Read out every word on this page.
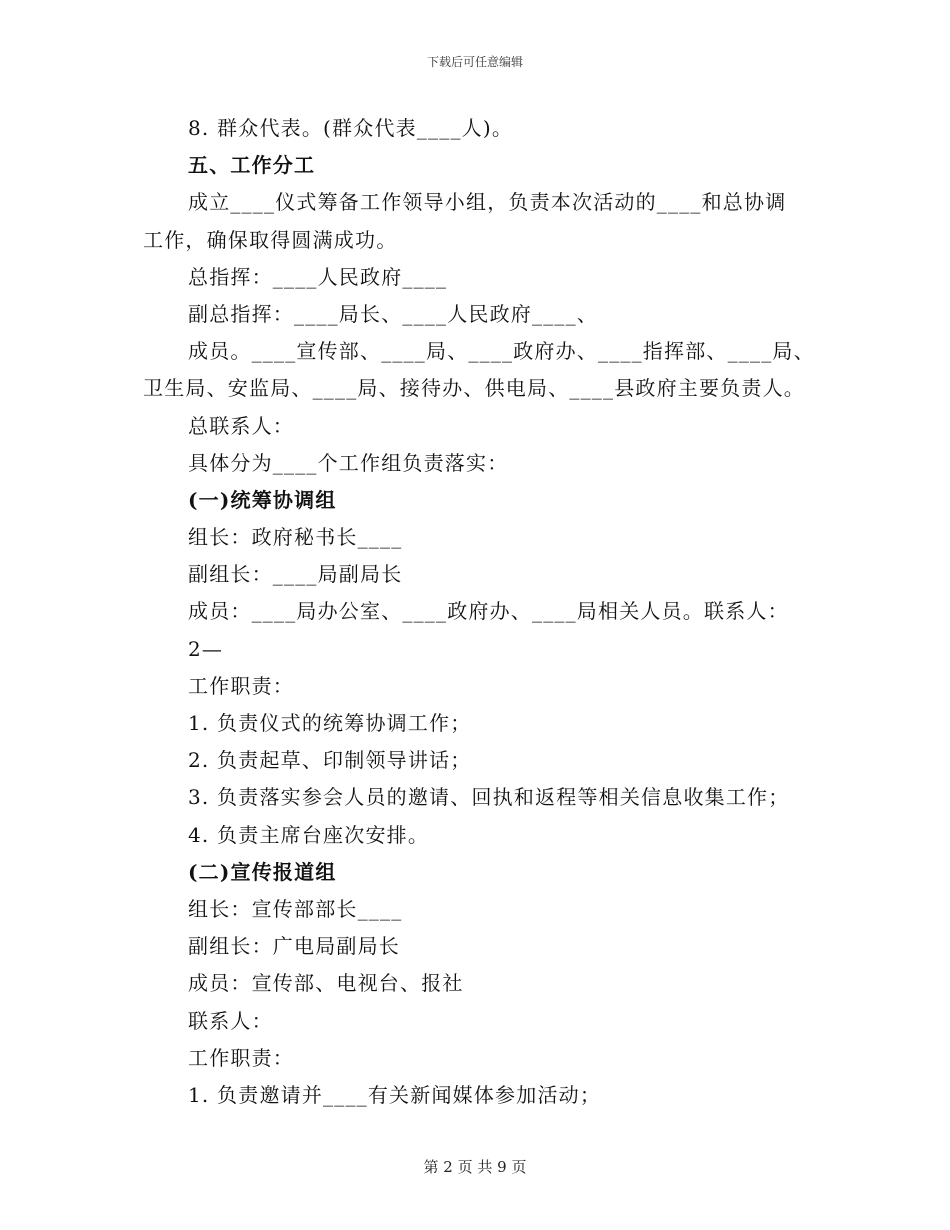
下载后可任意编辑
8. 群众代表。(群众代表____人)。
五、工作分工
成立____仪式筹备工作领导小组，负责本次活动的____和总协调
工作，确保取得圆满成功。
总指挥：____人民政府____
副总指挥：____局长、____人民政府____、
成员。____宣传部、____局、____政府办、____指挥部、____局、
卫生局、安监局、____局、接待办、供电局、____县政府主要负责人。
总联系人：
具体分为____个工作组负责落实：
(一)统筹协调组
组长：政府秘书长____
副组长：____局副局长
成员：____局办公室、____政府办、____局相关人员。联系人：
2—
工作职责：
1. 负责仪式的统筹协调工作；
2. 负责起草、印制领导讲话；
3. 负责落实参会人员的邀请、回执和返程等相关信息收集工作；
4. 负责主席台座次安排。
(二)宣传报道组
组长：宣传部部长____
副组长：广电局副局长
成员：宣传部、电视台、报社
联系人：
工作职责：
1. 负责邀请并____有关新闻媒体参加活动；
第 2 页 共 9 页
